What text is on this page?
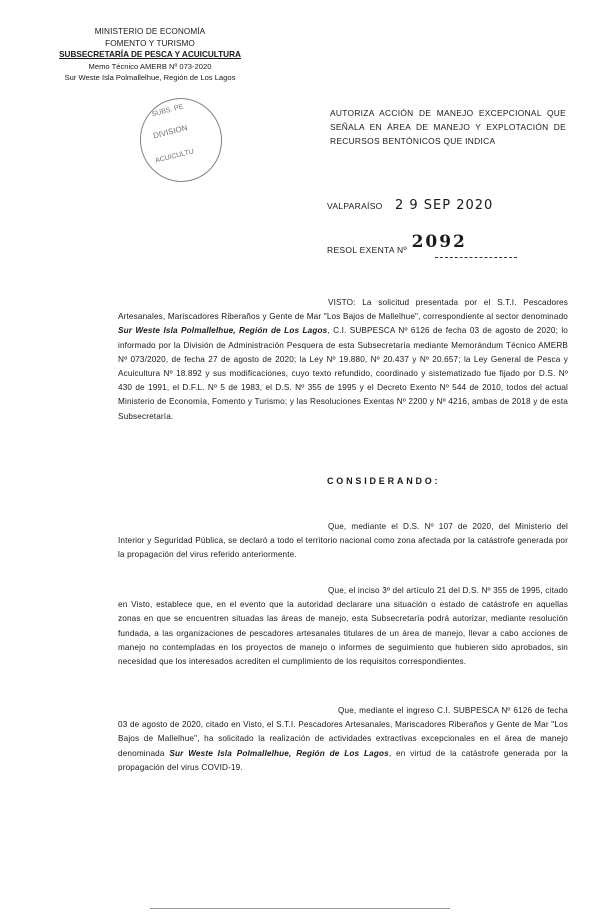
MINISTERIO DE ECONOMÍA
FOMENTO Y TURISMO
SUBSECRETARÍA DE PESCA Y ACUICULTURA
Memo Técnico AMERB Nº 073-2020
Sur Weste Isla Polmallelhue, Región de Los Lagos
SUBS. PE
DIVISION
ACUICULTU
AUTORIZA ACCIÓN DE MANEJO EXCEPCIONAL QUE SEÑALA EN ÁREA DE MANEJO Y EXPLOTACIÓN DE RECURSOS BENTÓNICOS QUE INDICA
VALPARAÍSO 2 9 SEP 2020
RESOL EXENTA Nº 2092
VISTO: La solicitud presentada por el S.T.I. Pescadores Artesanales, Mariscadores Riberaños y Gente de Mar "Los Bajos de Mallelhue", correspondiente al sector denominado Sur Weste Isla Polmallelhue, Región de Los Lagos, C.I. SUBPESCA Nº 6126 de fecha 03 de agosto de 2020; lo informado por la División de Administración Pesquera de esta Subsecretaría mediante Memorándum Técnico AMERB Nº 073/2020, de fecha 27 de agosto de 2020; la Ley Nº 19.880, Nº 20.437 y Nº 20.657; la Ley General de Pesca y Acuicultura Nº 18.892 y sus modificaciones, cuyo texto refundido, coordinado y sistematizado fue fijado por D.S. Nº 430 de 1991, el D.F.L. Nº 5 de 1983, el D.S. Nº 355 de 1995 y el Decreto Exento Nº 544 de 2010, todos del actual Ministerio de Economía, Fomento y Turismo; y las Resoluciones Exentas Nº 2200 y Nº 4216, ambas de 2018 y de esta Subsecretaría.
CONSIDERANDO:
Que, mediante el D.S. Nº 107 de 2020, del Ministerio del Interior y Seguridad Pública, se declaró a todo el territorio nacional como zona afectada por la catástrofe generada por la propagación del virus referido anteriormente.
Que, el inciso 3º del artículo 21 del D.S. Nº 355 de 1995, citado en Visto, establece que, en el evento que la autoridad declarare una situación o estado de catástrofe en aquellas zonas en que se encuentren situadas las áreas de manejo, esta Subsecretaría podrá autorizar, mediante resolución fundada, a las organizaciones de pescadores artesanales titulares de un área de manejo, llevar a cabo acciones de manejo no contempladas en los proyectos de manejo o informes de seguimiento que hubieren sido aprobados, sin necesidad que los interesados acrediten el cumplimiento de los requisitos correspondientes.
Que, mediante el ingreso C.I. SUBPESCA Nº 6126 de fecha 03 de agosto de 2020, citado en Visto, el S.T.I. Pescadores Artesanales, Mariscadores Riberaños y Gente de Mar "Los Bajos de Mallelhue", ha solicitado la realización de actividades extractivas excepcionales en el área de manejo denominada Sur Weste Isla Polmallelhue, Región de Los Lagos, en virtud de la catástrofe generada por la propagación del virus COVID-19.
